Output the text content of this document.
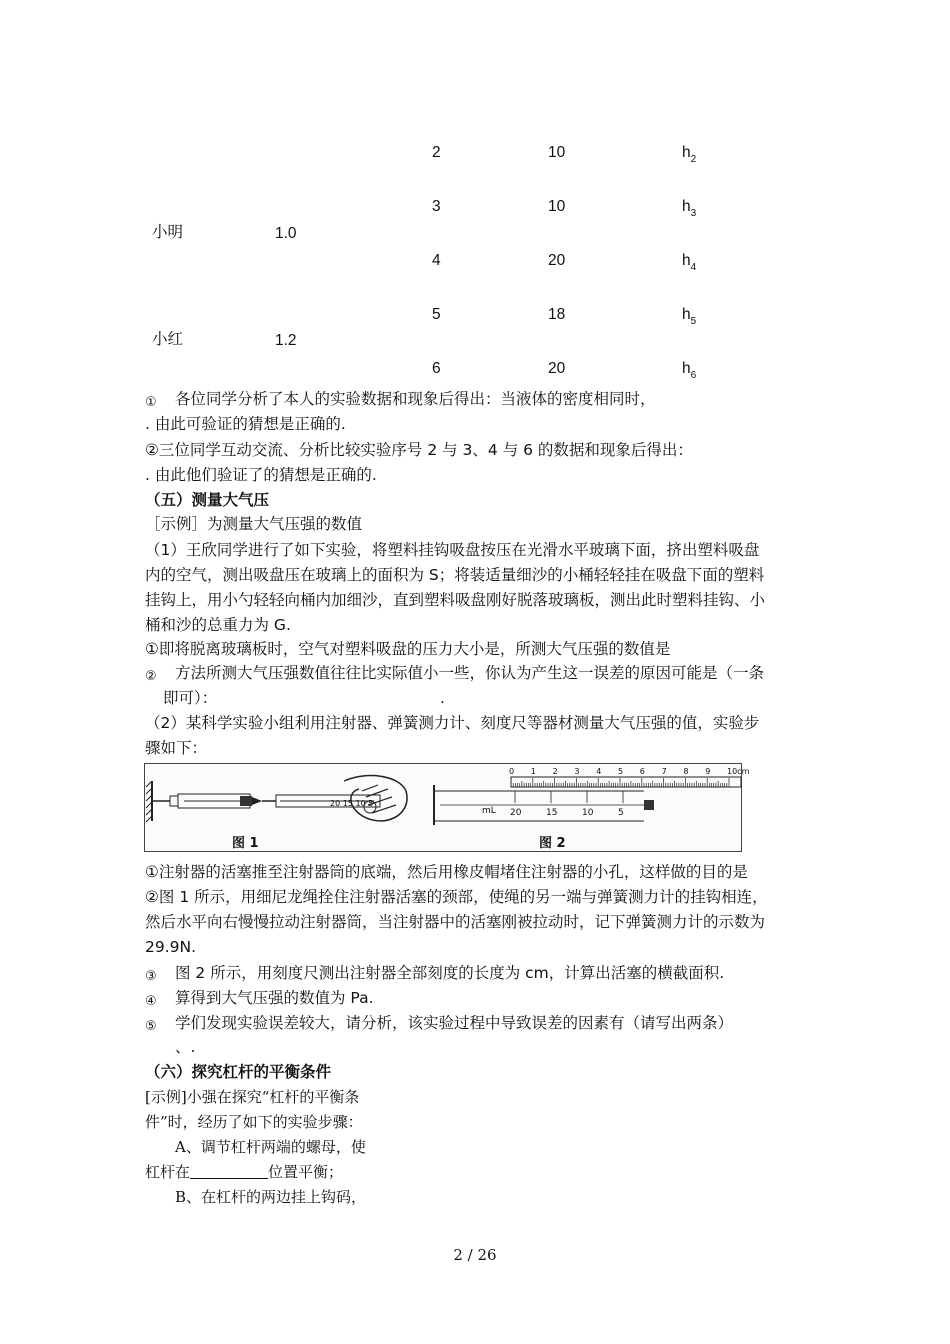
2	10	$h_2$
3	10	$h_3$
小明	1.0
4	20	$h_4$
5	18	$h_5$
小红	1.2
6	20	$h_6$
① 各位同学分析了本人的实验数据和现象后得出：当液体的密度相同时，
. 由此可验证的猜想是正确的.
②三位同学互动交流、分析比较实验序号 2 与 3、4 与 6 的数据和现象后得出：
. 由此他们验证了的猜想是正确的.
（五）测量大气压
［示例］为测量大气压强的数值
（1）王欣同学进行了如下实验，将塑料挂钩吸盘按压在光滑水平玻璃下面，挤出塑料吸盘
内的空气，测出吸盘压在玻璃上的面积为 S；将装适量细沙的小桶轻轻挂在吸盘下面的塑料
挂钩上，用小勺轻轻向桶内加细沙，直到塑料吸盘刚好脱落玻璃板，测出此时塑料挂钩、小
桶和沙的总重力为 G.
①即将脱离玻璃板时，空气对塑料吸盘的压力大小是，所测大气压强的数值是
② 方法所测大气压强数值往往比实际值小一些，你认为产生这一误差的原因可能是（一条
即可）：	.
（2）某科学实验小组利用注射器、弹簧测力计、刻度尺等器材测量大气压强的值，实验步
骤如下：
20 15 10 5
图 1
0 1 2 3 4 5 6 7 8 9 10cm
mL 20	15	10	5
图 2
①注射器的活塞推至注射器筒的底端，然后用橡皮帽堵住注射器的小孔，这样做的目的是
②图 1 所示，用细尼龙绳拴住注射器活塞的颈部，使绳的另一端与弹簧测力计的挂钩相连，
然后水平向右慢慢拉动注射器筒，当注射器中的活塞刚被拉动时，记下弹簧测力计的示数为
29.9N.
③ 图 2 所示，用刻度尺测出注射器全部刻度的长度为 cm，计算出活塞的横截面积.
④ 算得到大气压强的数值为 Pa.
⑤ 学们发现实验误差较大，请分析，该实验过程中导致误差的因素有（请写出两条）
、.
（六）探究杠杆的平衡条件
[示例]小强在探究“杠杆的平衡条
件”时，经历了如下的实验步骤：
A、调节杠杆两端的螺母，使
杠杆在	位置平衡；
B、在杠杆的两边挂上钩码，
2 / 26
